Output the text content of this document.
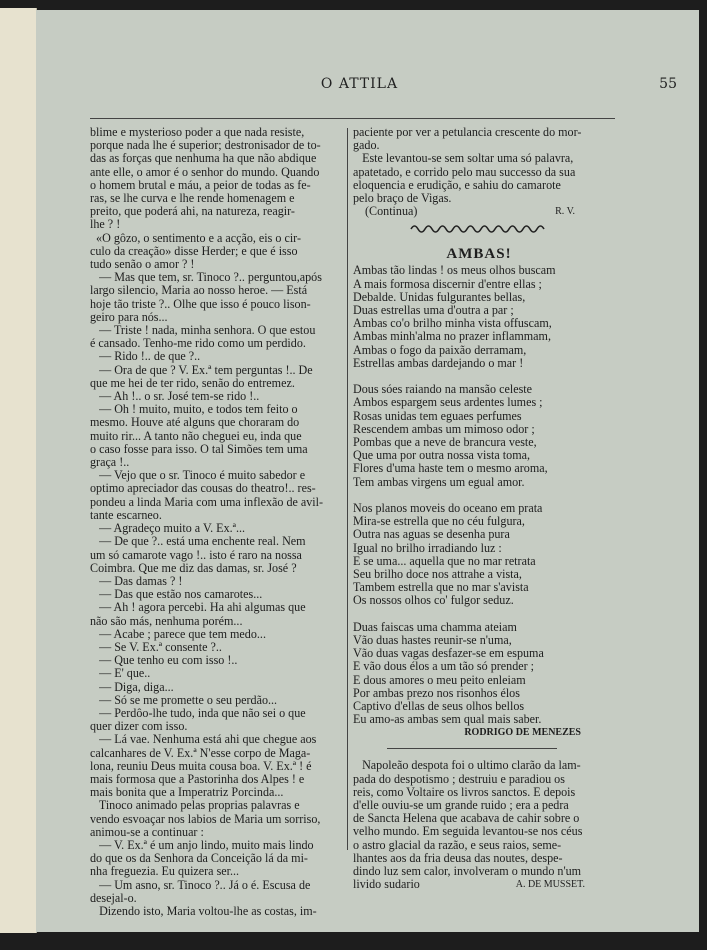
O ATTILA	55

blime e mysterioso poder a que nada resiste,

porque nada lhe é superior; destronisador de to-

das as forças que nenhuma ha que não abdique

ante elle, o amor é o senhor do mundo. Quando

o homem brutal e máu, a peior de todas as fe-

ras, se lhe curva e lhe rende homenagem e

preito, que poderá ahi, na natureza, reagir-

lhe ? !

«O gôzo, o sentimento e a acção, eis o cir-

culo da creação» disse Herder; e que é isso

tudo senão o amor ? !

— Mas que tem, sr. Tinoco ?.. perguntou,após

largo silencio, Maria ao nosso heroe. — Está

hoje tão triste ?.. Olhe que isso é pouco lison-

geiro para nós...

— Triste ! nada, minha senhora. O que estou

é cansado. Tenho-me rido como um perdido.

— Rido !.. de que ?..

— Ora de que ? V. Ex.ª tem perguntas !.. De

que me hei de ter rido, senão do entremez.

— Ah !.. o sr. José tem-se rido !..

— Oh ! muito, muito, e todos tem feito o

mesmo. Houve até alguns que choraram do

muito rir... A tanto não cheguei eu, inda que

o caso fosse para isso. O tal Simões tem uma

graça !..

— Vejo que o sr. Tinoco é muito sabedor e

optimo apreciador das cousas do theatro!.. res-

pondeu a linda Maria com uma inflexão de avil-

tante escarneo.

— Agradeço muito a V. Ex.ª...

— De que ?.. está uma enchente real. Nem

um só camarote vago !.. isto é raro na nossa

Coimbra. Que me diz das damas, sr. José ?

— Das damas ? !

— Das que estão nos camarotes...

— Ah ! agora percebi. Ha ahi algumas que

não são más, nenhuma porém...

— Acabe ; parece que tem medo...

— Se V. Ex.ª consente ?..

— Que tenho eu com isso !..

— E' que..

— Diga, diga...

— Só se me promette o seu perdão...

— Perdôo-lhe tudo, inda que não sei o que

quer dizer com isso.

— Lá vae. Nenhuma está ahi que chegue aos

calcanhares de V. Ex.ª N'esse corpo de Maga-

lona, reuniu Deus muita cousa boa. V. Ex.ª ! é

mais formosa que a Pastorinha dos Alpes ! e

mais bonita que a Imperatriz Porcinda...

Tinoco animado pelas proprias palavras e

vendo esvoaçar nos labios de Maria um sorriso,

animou-se a continuar :

— V. Ex.ª é um anjo lindo, muito mais lindo

do que os da Senhora da Conceição lá da mi-

nha freguezia. Eu quizera ser...

— Um asno, sr. Tinoco ?.. Já o é. Escusa de

desejal-o.

Dizendo isto, Maria voltou-lhe as costas, im-

paciente por ver a petulancia crescente do mor-

gado.

Este levantou-se sem soltar uma só palavra,

apatetado, e corrido pelo mau successo da sua

eloquencia e erudição, e sahiu do camarote

pelo braço de Vigas.

(Continua)	R. V.
AMBAS!

Ambas tão lindas ! os meus olhos buscam

A mais formosa discernir d'entre ellas ;

Debalde. Unidas fulgurantes bellas,

Duas estrellas uma d'outra a par ;

Ambas co'o brilho minha vista offuscam,

Ambas minh'alma no prazer inflammam,

Ambas o fogo da paixão derramam,

Estrellas ambas dardejando o mar !

Dous sóes raiando na mansão celeste

Ambos espargem seus ardentes lumes ;

Rosas unidas tem eguaes perfumes

Rescendem ambas um mimoso odor ;

Pombas que a neve de brancura veste,

Que uma por outra nossa vista toma,

Flores d'uma haste tem o mesmo aroma,

Tem ambas virgens um egual amor.

Nos planos moveis do oceano em prata

Mira-se estrella que no céu fulgura,

Outra nas aguas se desenha pura

Igual no brilho irradiando luz :

E se uma... aquella que no mar retrata

Seu brilho doce nos attrahe a vista,

Tambem estrella que no mar s'avista

Os nossos olhos co' fulgor seduz.

Duas faiscas uma chamma ateiam

Vão duas hastes reunir-se n'uma,

Vão duas vagas desfazer-se em espuma

E vão dous élos a um tão só prender ;

E dous amores o meu peito enleiam

Por ambas prezo nos risonhos élos

Captivo d'ellas de seus olhos bellos

Eu amo-as ambas sem qual mais saber.

RODRIGO DE MENEZES

Napoleão despota foi o ultimo clarão da lam-

pada do despotismo ; destruiu e paradiou os

reis, como Voltaire os livros sanctos. E depois

d'elle ouviu-se um grande ruido ; era a pedra

de Sancta Helena que acabava de cahir sobre o

velho mundo. Em seguida levantou-se nos céus

o astro glacial da razão, e seus raios, seme-

lhantes aos da fria deusa das noutes, despe-

dindo luz sem calor, involveram o mundo n'um

livido sudario	A. DE MUSSET.
